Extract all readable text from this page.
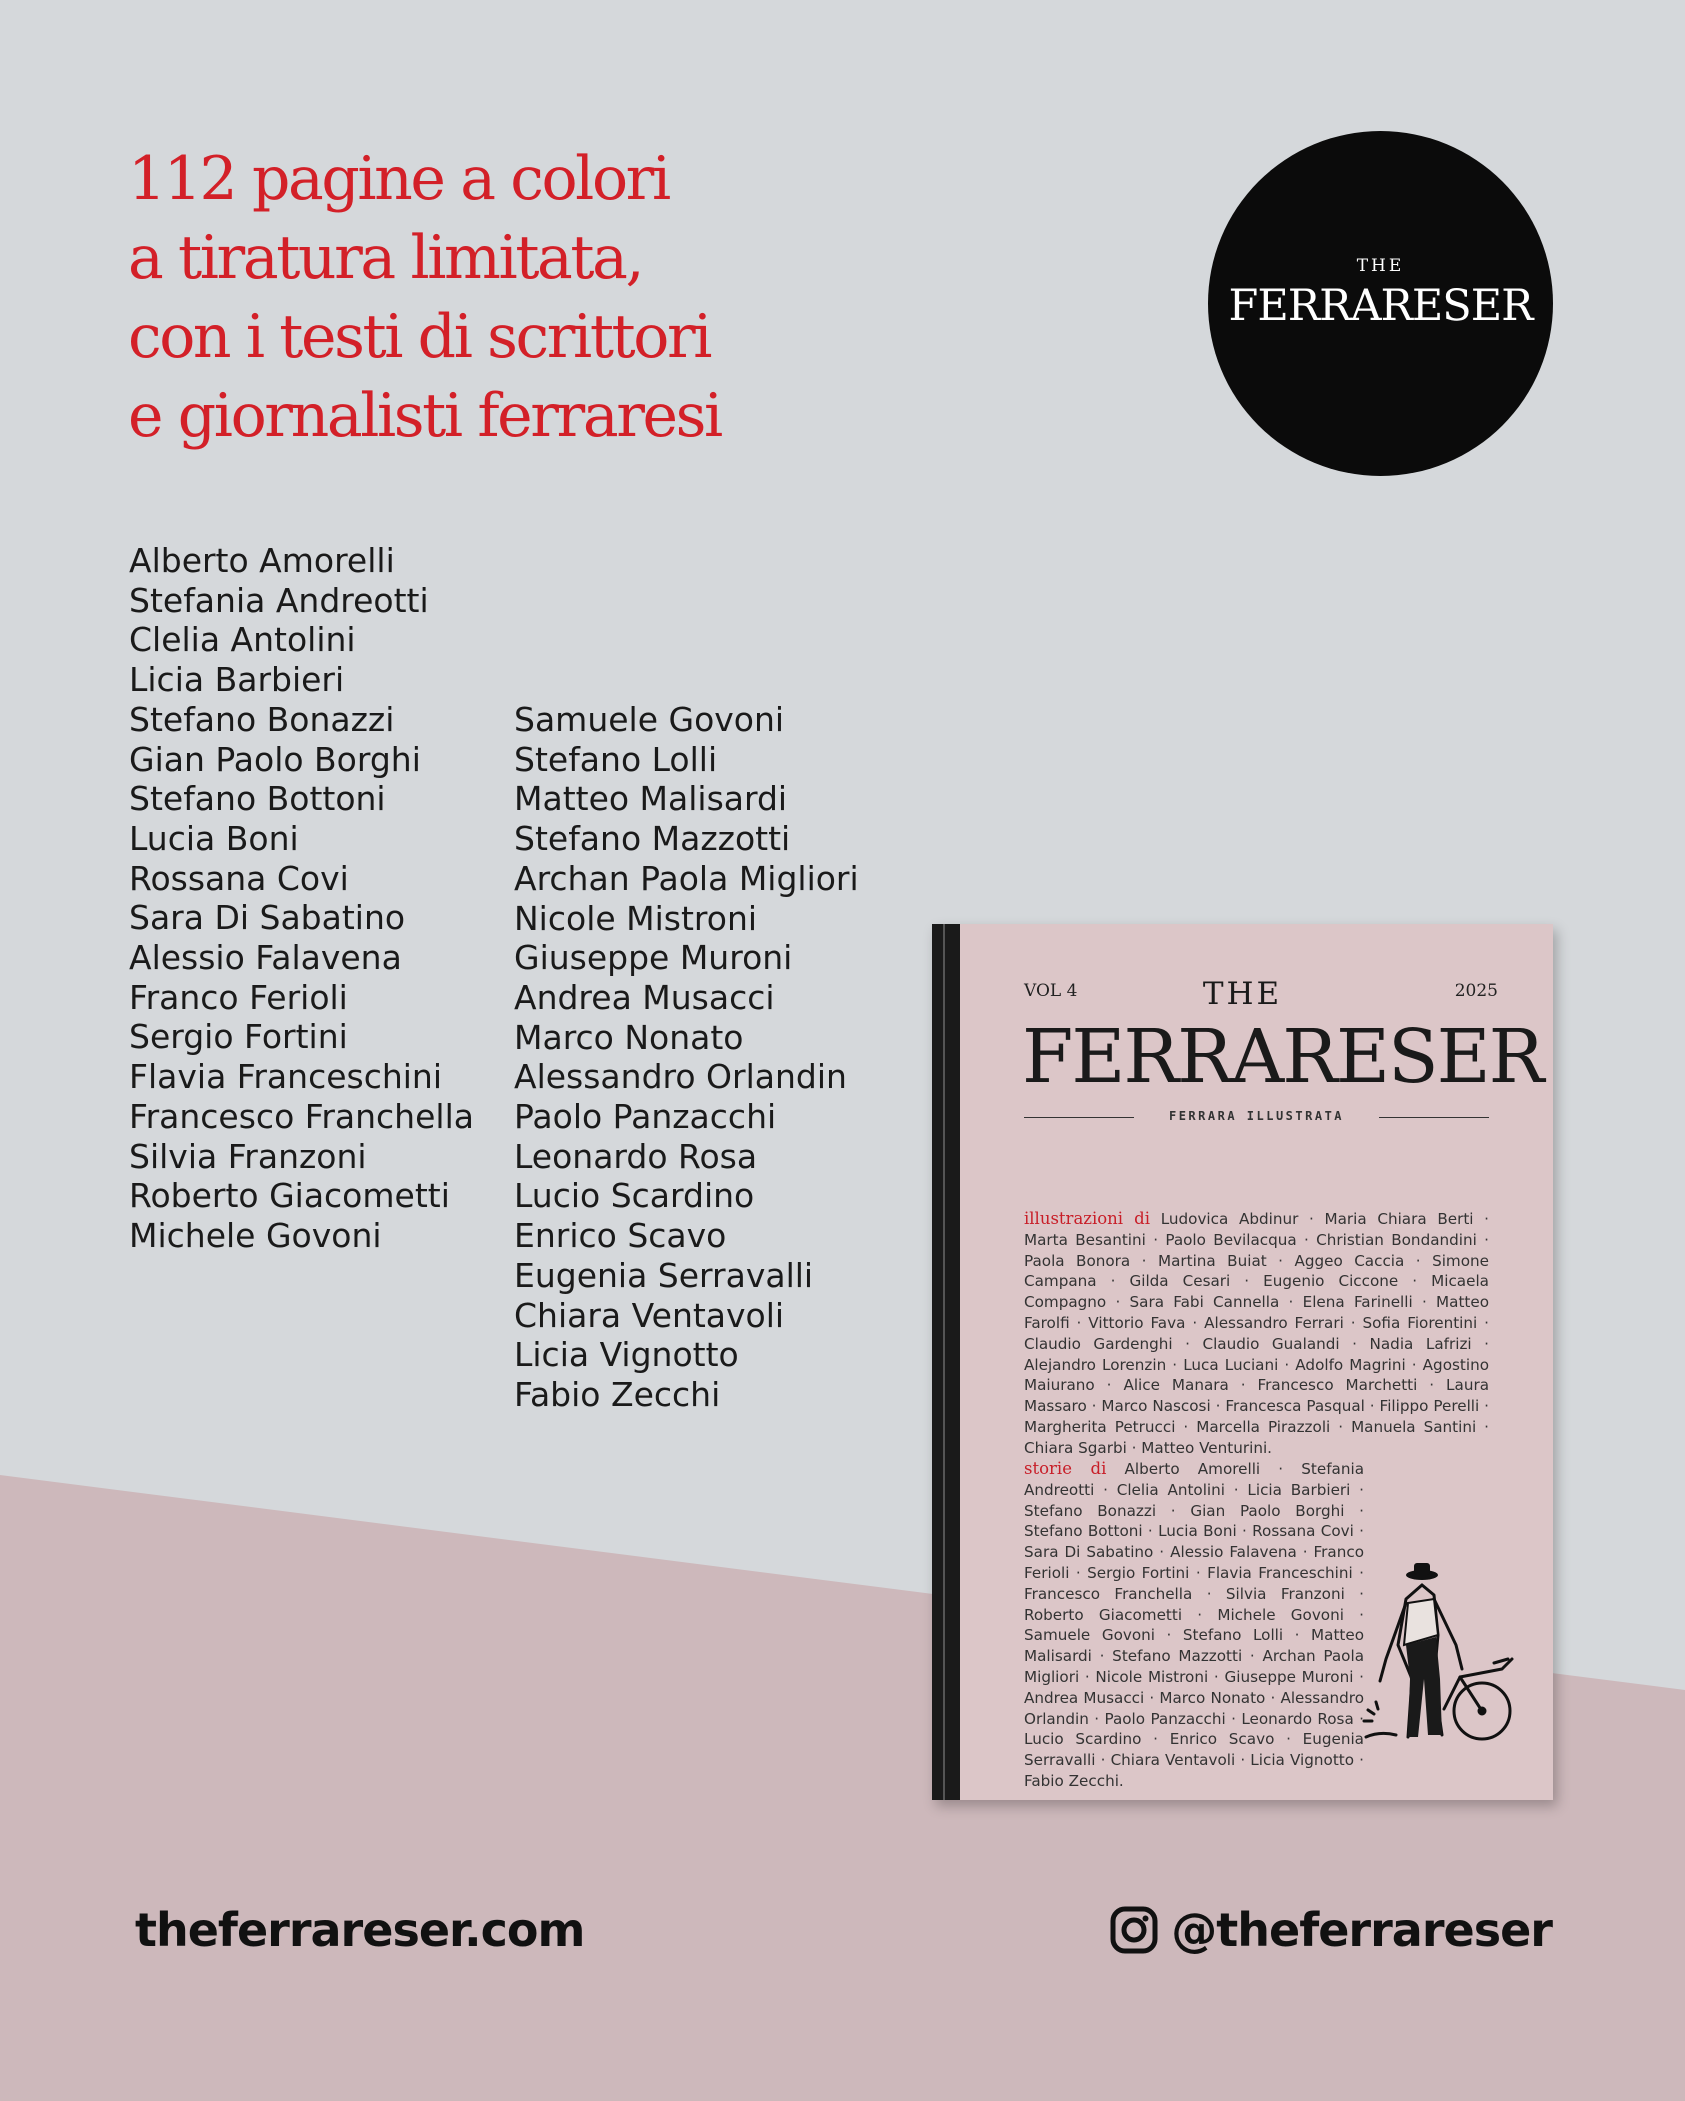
112 pagine a colori
a tiratura limitata,
con i testi di scrittori
e giornalisti ferraresi
THE
FERRARESER
Alberto Amorelli
Stefania Andreotti
Clelia Antolini
Licia Barbieri
Stefano Bonazzi
Gian Paolo Borghi
Stefano Bottoni
Lucia Boni
Rossana Covi
Sara Di Sabatino
Alessio Falavena
Franco Ferioli
Sergio Fortini
Flavia Franceschini
Francesco Franchella
Silvia Franzoni
Roberto Giacometti
Michele Govoni
Samuele Govoni
Stefano Lolli
Matteo Malisardi
Stefano Mazzotti
Archan Paola Migliori
Nicole Mistroni
Giuseppe Muroni
Andrea Musacci
Marco Nonato
Alessandro Orlandin
Paolo Panzacchi
Leonardo Rosa
Lucio Scardino
Enrico Scavo
Eugenia Serravalli
Chiara Ventavoli
Licia Vignotto
Fabio Zecchi
VOL 4	2025
THE
FERRARESER
FERRARA ILLUSTRATA
illustrazioni di Ludovica Abdinur · Maria Chiara Berti · Marta Besantini · Paolo Bevilacqua · Christian Bondandini · Paola Bonora · Martina Buiat · Aggeo Caccia · Simone Campana · Gilda Cesari · Eugenio Ciccone · Micaela Compagno · Sara Fabi Cannella · Elena Farinelli · Matteo Farolfi · Vittorio Fava · Alessandro Ferrari · Sofia Fiorentini · Claudio Gardenghi · Claudio Gualandi · Nadia Lafrizi · Alejandro Lorenzin · Luca Luciani · Adolfo Magrini · Agostino Maiurano · Alice Manara · Francesco Marchetti · Laura Massaro · Marco Nascosi · Francesca Pasqual · Filippo Perelli · Margherita Petrucci · Marcella Pirazzoli · Manuela Santini · Chiara Sgarbi · Matteo Venturini.
storie di Alberto Amorelli · Stefania Andreotti · Clelia Antolini · Licia Barbieri · Stefano Bonazzi · Gian Paolo Borghi · Stefano Bottoni · Lucia Boni · Rossana Covi · Sara Di Sabatino · Alessio Falavena · Franco Ferioli · Sergio Fortini · Flavia Franceschini · Francesco Franchella · Silvia Franzoni · Roberto Giacometti · Michele Govoni · Samuele Govoni · Stefano Lolli · Matteo Malisardi · Stefano Mazzotti · Archan Paola Migliori · Nicole Mistroni · Giuseppe Muroni · Andrea Musacci · Marco Nonato · Alessandro Orlandin · Paolo Panzacchi · Leonardo Rosa · Lucio Scardino · Enrico Scavo · Eugenia Serravalli · Chiara Ventavoli · Licia Vignotto · Fabio Zecchi.
theferrareser.com	@theferrareser
